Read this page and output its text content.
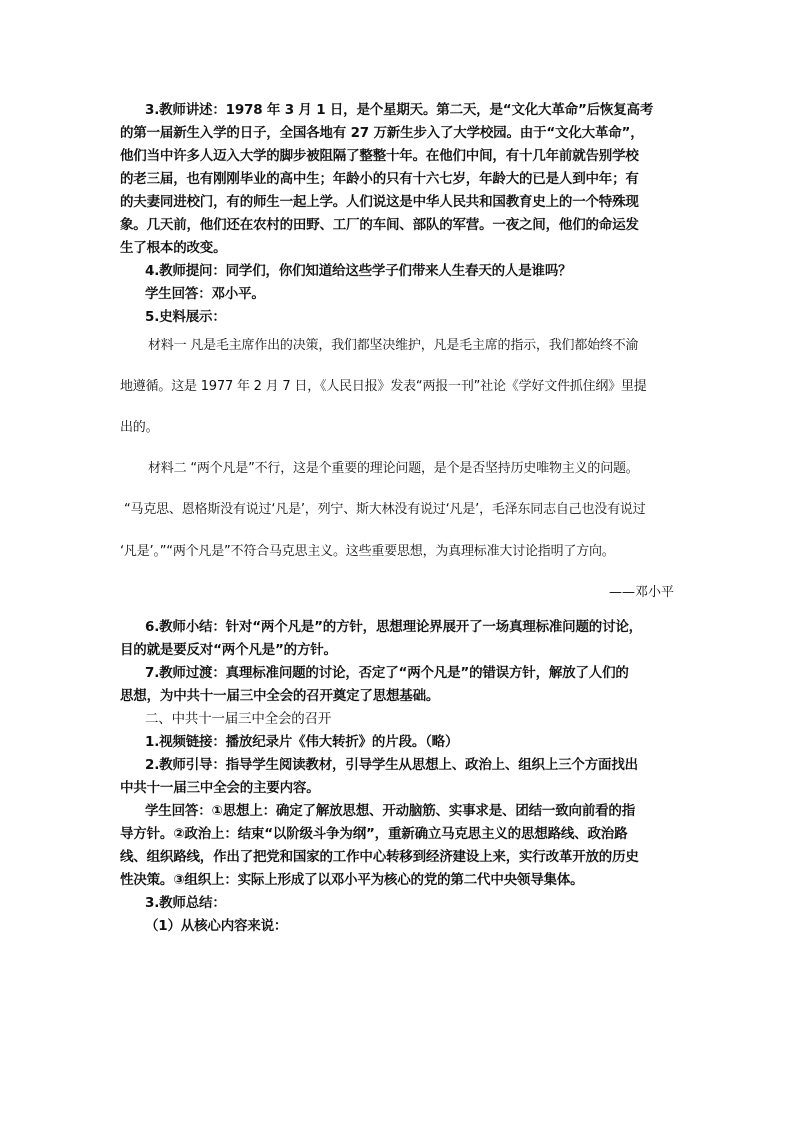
3.教师讲述：1978 年 3 月 1 日，是个星期天。第二天，是“文化大革命”后恢复高考
的第一届新生入学的日子，全国各地有 27 万新生步入了大学校园。由于“文化大革命”，
他们当中许多人迈入大学的脚步被阻隔了整整十年。在他们中间，有十几年前就告别学校
的老三届，也有刚刚毕业的高中生；年龄小的只有十六七岁，年龄大的已是人到中年；有
的夫妻同进校门，有的师生一起上学。人们说这是中华人民共和国教育史上的一个特殊现
象。几天前，他们还在农村的田野、工厂的车间、部队的军营。一夜之间，他们的命运发
生了根本的改变。
4.教师提问：同学们，你们知道给这些学子们带来人生春天的人是谁吗？
学生回答：邓小平。
5.史料展示：
材料一 凡是毛主席作出的决策，我们都坚决维护，凡是毛主席的指示，我们都始终不渝
地遵循。这是 1977 年 2 月 7 日，《人民日报》发表“两报一刊”社论《学好文件抓住纲》里提
出的。
材料二 “两个凡是”不行，这是个重要的理论问题，是个是否坚持历史唯物主义的问题。
“马克思、恩格斯没有说过‘凡是’，列宁、斯大林没有说过‘凡是’，毛泽东同志自己也没有说过
‘凡是’。”“两个凡是”不符合马克思主义。这些重要思想，为真理标准大讨论指明了方向。
——邓小平
6.教师小结：针对“两个凡是”的方针，思想理论界展开了一场真理标准问题的讨论，
目的就是要反对“两个凡是”的方针。
7.教师过渡：真理标准问题的讨论，否定了“两个凡是”的错误方针，解放了人们的
思想，为中共十一届三中全会的召开奠定了思想基础。
二、中共十一届三中全会的召开
1.视频链接：播放纪录片《伟大转折》的片段。（略）
2.教师引导：指导学生阅读教材，引导学生从思想上、政治上、组织上三个方面找出
中共十一届三中全会的主要内容。
学生回答：①思想上：确定了解放思想、开动脑筋、实事求是、团结一致向前看的指
导方针。②政治上：结束“以阶级斗争为纲”，重新确立马克思主义的思想路线、政治路
线、组织路线，作出了把党和国家的工作中心转移到经济建设上来，实行改革开放的历史
性决策。③组织上：实际上形成了以邓小平为核心的党的第二代中央领导集体。
3.教师总结：
（1）从核心内容来说：
